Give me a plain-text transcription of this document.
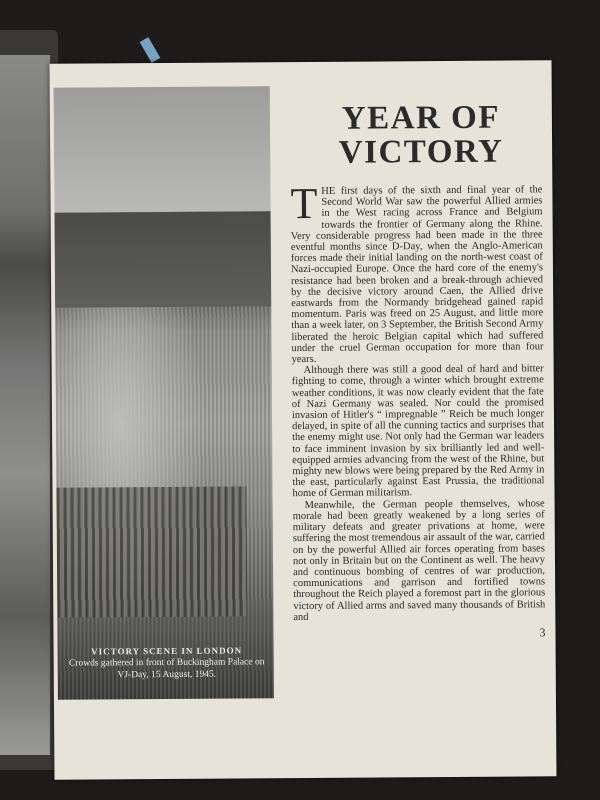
VICTORY SCENE IN LONDON
Crowds gathered in front of Buckingham Palace on VJ-Day, 15 August, 1945.
YEAR OF VICTORY

THE first days of the sixth and final year of the Second World War saw the powerful Allied armies in the West racing across France and Belgium towards the frontier of Germany along the Rhine. Very considerable progress had been made in the three eventful months since D-Day, when the Anglo-American forces made their initial landing on the north-west coast of Nazi-occupied Europe. Once the hard core of the enemy's resistance had been broken and a break-through achieved by the decisive victory around Caen, the Allied drive eastwards from the Normandy bridgehead gained rapid momentum. Paris was freed on 25 August, and little more than a week later, on 3 September, the British Second Army liberated the heroic Belgian capital which had suffered under the cruel German occupation for more than four years.

Although there was still a good deal of hard and bitter fighting to come, through a winter which brought extreme weather conditions, it was now clearly evident that the fate of Nazi Germany was sealed. Nor could the promised invasion of Hitler's “ impregnable ” Reich be much longer delayed, in spite of all the cunning tactics and surprises that the enemy might use. Not only had the German war leaders to face imminent invasion by six brilliantly led and well-equipped armies advancing from the west of the Rhine, but mighty new blows were being prepared by the Red Army in the east, particularly against East Prussia, the traditional home of German militarism.

Meanwhile, the German people themselves, whose morale had been greatly weakened by a long series of military defeats and greater privations at home, were suffering the most tremendous air assault of the war, carried on by the powerful Allied air forces operating from bases not only in Britain but on the Continent as well. The heavy and continuous bombing of centres of war production, communications and garrison and fortified towns throughout the Reich played a foremost part in the glorious victory of Allied arms and saved many thousands of British and

3
